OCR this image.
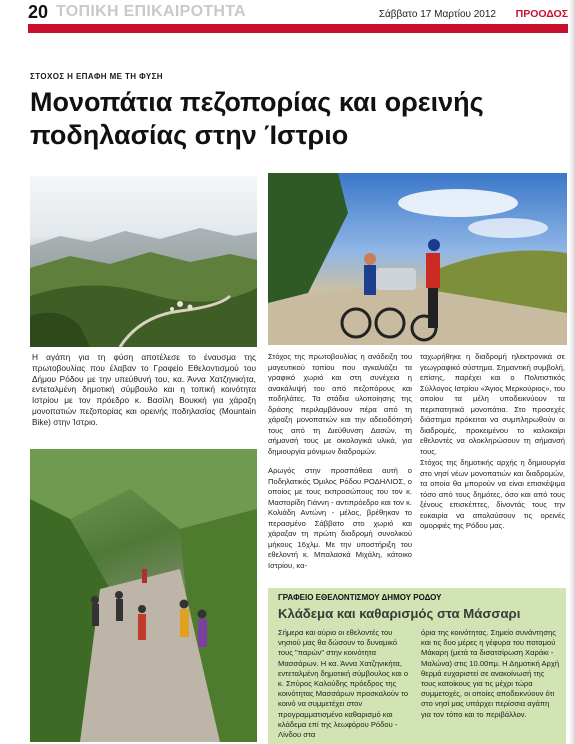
20 ΤΟΠΙΚΗ ΕΠΙΚΑΙΡΟΤΗΤΑ	Σάββατο 17 Μαρτίου 2012 ΠΡΟΟΔΟΣ
ΣΤΟΧΟΣ Η ΕΠΑΦΗ ΜΕ ΤΗ ΦΥΣΗ
Μονοπάτια πεζοπορίας και ορεινής ποδηλασίας στην Ίστριο
Η αγάπη για τη φύση αποτέλεσε το έναυσμα της πρωτοβουλίας που έλαβαν το Γραφείο Εθελοντισμού του Δήμου Ρόδου με την υπεύθυνή του, κα. Άννα Χατζηνικήτα, εντεταλμένη δημοτική σύμβουλο και η τοπική κοινότητα Ιστρίου με τον πρόεδρο κ. Βασίλη Βουκκή για χάραξη μονοπατιών πεζοπορίας και ορεινής ποδηλασίας (Mountain Bike) στην Ίστριο.
Στόχος της πρωτοβουλίας η ανάδειξη του μαγευτικού τοπίου που αγκαλιάζει τα γραφικό χωριό και στη συνέχεια η ανακάλυψή του από πεζοπόρους και ποδηλάτες. Τα στάδια υλοποίησης της δράσης περιλαμβάνουν πέρα από τη χάραξη μονοπατιών και την αδειοδότησή τους από τη Διεύθυνση Δασών, τη σήμανσή τους με οικολογικά υλικά, για δημιουργία μόνιμων διαδρομών.
Αρωγός στην προσπάθεια αυτή ο Ποδηλατικός Όμιλος Ρόδου ΡΟΔΗΛΙΟΣ, ο οποίος με τους εκπροσώπους του τον κ. Μαστορίδη Γιάννη - αντιπρόεδρο και τον κ. Κολιάδη Αντώνη - μέλος, βρέθηκαν το περασμένο Σάββατο στο χωριό και χάραξαν τη πρώτη διαδρομή συνολικού μήκους 16χλμ. Με την υποστήριξη του εθελοντή κ. Μπαλασκά Μιχάλη, κάτοικο Ιστρίου, κα-
ταχωρήθηκε η διαδρομή ηλεκτρονικά σε γεωγραφικό σύστημα. Σημαντική συμβολή, επίσης, παρέχει και ο Πολιτιστικός Σύλλογος Ιστρίου «Άγιος Μερκούριος», του οποίου τα μέλη υποδεικνύουν τα περιπατητικά μονοπάτια. Στο προσεχές διάστημα πρόκειται να συμπληρωθούν οι διαδρομές, προκειμένου το καλοκαίρι εθελοντές να ολοκληρώσουν τη σήμανσή τους.
Στόχος της δημοτικής αρχής η δημιουργία στο νησί νέων μονοπατιών και διαδρομών, τα οποία θα μπορούν να είναι επισκέψιμα τόσο από τους δημότες, όσο και από τους ξένους επισκέπτες, δίνοντάς τους την ευκαιρία να απολαύσουν τις ορεινές ομορφιές της Ρόδου μας.
ΓΡΑΦΕΙΟ ΕΘΕΛΟΝΤΙΣΜΟΥ ΔΗΜΟΥ ΡΟΔΟΥ
Κλάδεμα και καθαρισμός στα Μάσσαρι
Σήμερα και αύριο οι εθελοντές του νησιού μας θα δώσουν το δυναμικό τους "παρών" στην κοινότητα Μασσάρων. Η κα. Άννα Χατζηνικήτα, εντεταλμένη δημοτική σύμβουλος και ο κ. Σπύρος Καλούδης πρόεδρος της κοινότητας Μασσάρων προσκαλούν το κοινό να συμμετέχει στον προγραμματισμένο καθαρισμό και κλάδεμα επί της λεωφόρου Ρόδου - Λίνδου στα
όρια της κοινότητας. Σημείο συνάντησης και τις δυο μέρες η γέφυρα του ποταμού Μάκαρη (μετά τα δισατσίρωση Χαράκι - Μαλώνα) στις 10.00πμ. Η Δημοτική Αρχή θερμά ευχαριστεί σε ανακοίνωσή της τους κατοίκους για τις μέχρι τώρα συμμετοχές, οι οποίες αποδεικνύουν ότι στο νησί μας υπάρχει περίσσια αγάπη για τον τόπο και το περιβάλλον.
